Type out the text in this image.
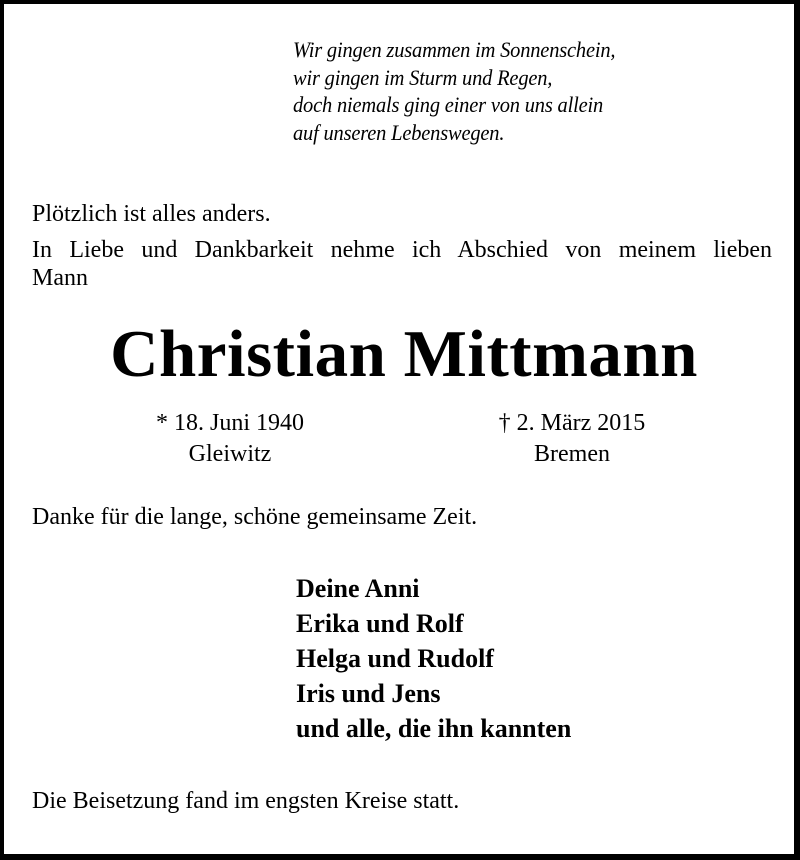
Wir gingen zusammen im Sonnenschein,
wir gingen im Sturm und Regen,
doch niemals ging einer von uns allein
auf unseren Lebenswegen.
Plötzlich ist alles anders.
In Liebe und Dankbarkeit nehme ich Abschied von meinem lieben
Mann
Christian Mittmann
* 18. Juni 1940
Gleiwitz
† 2. März 2015
Bremen
Danke für die lange, schöne gemeinsame Zeit.
Deine Anni
Erika und Rolf
Helga und Rudolf
Iris und Jens
und alle, die ihn kannten
Die Beisetzung fand im engsten Kreise statt.
